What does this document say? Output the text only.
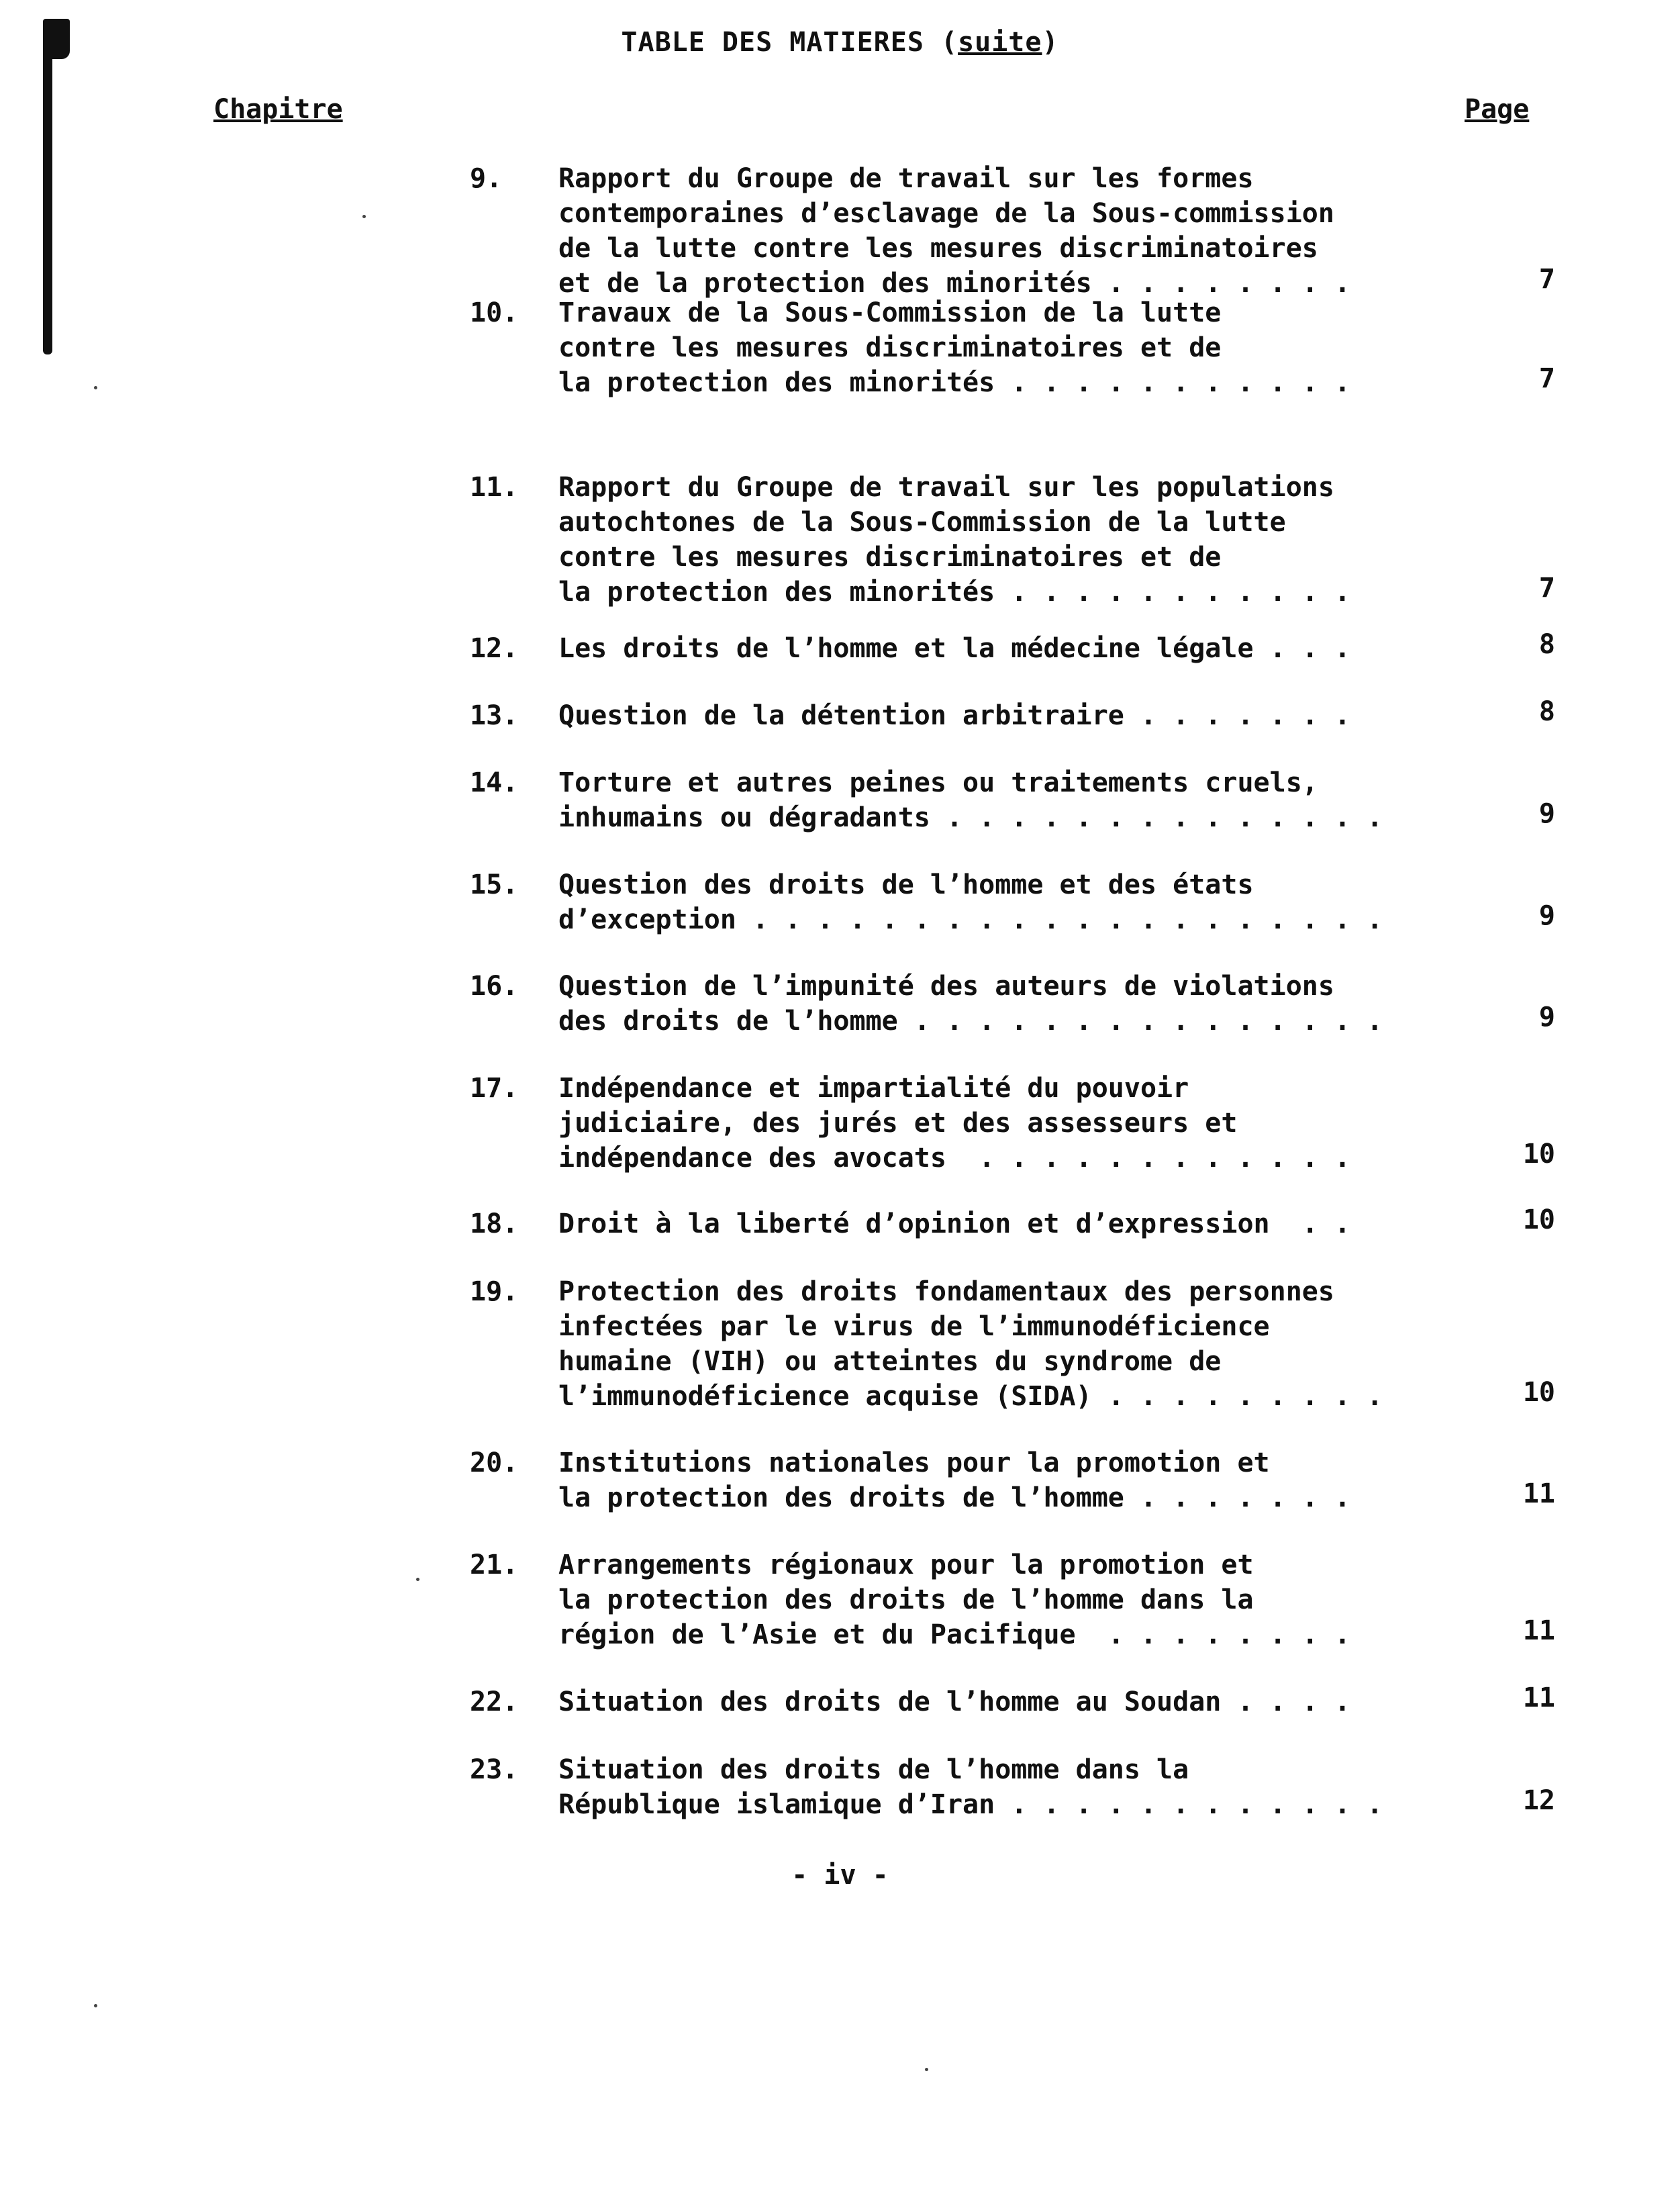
TABLE DES MATIERES (suite)
Chapitre	Page
9. Rapport du Groupe de travail sur les formes
contemporaines d’esclavage de la Sous-commission
de la lutte contre les mesures discriminatoires
et de la protection des minorités . . . . . . . .	7
10. Travaux de la Sous-Commission de la lutte
contre les mesures discriminatoires et de
la protection des minorités . . . . . . . . . . .	7
11. Rapport du Groupe de travail sur les populations
autochtones de la Sous-Commission de la lutte
contre les mesures discriminatoires et de
la protection des minorités . . . . . . . . . . .	7
12. Les droits de l’homme et la médecine légale . . .	8
13. Question de la détention arbitraire . . . . . . .	8
14. Torture et autres peines ou traitements cruels,
inhumains ou dégradants . . . . . . . . . . . . . .	9
15. Question des droits de l’homme et des états
d’exception . . . . . . . . . . . . . . . . . . . .	9
16. Question de l’impunité des auteurs de violations
des droits de l’homme . . . . . . . . . . . . . . .	9
17. Indépendance et impartialité du pouvoir
judiciaire, des jurés et des assesseurs et
indépendance des avocats  . . . . . . . . . . . .	10
18. Droit à la liberté d’opinion et d’expression  . .	10
19. Protection des droits fondamentaux des personnes
infectées par le virus de l’immunodéficience
humaine (VIH) ou atteintes du syndrome de
l’immunodéficience acquise (SIDA) . . . . . . . . .	10
20. Institutions nationales pour la promotion et
la protection des droits de l’homme . . . . . . .	11
21. Arrangements régionaux pour la promotion et
la protection des droits de l’homme dans la
région de l’Asie et du Pacifique  . . . . . . . .	11
22. Situation des droits de l’homme au Soudan . . . .	11
23. Situation des droits de l’homme dans la
République islamique d’Iran . . . . . . . . . . . .	12
- iv -
